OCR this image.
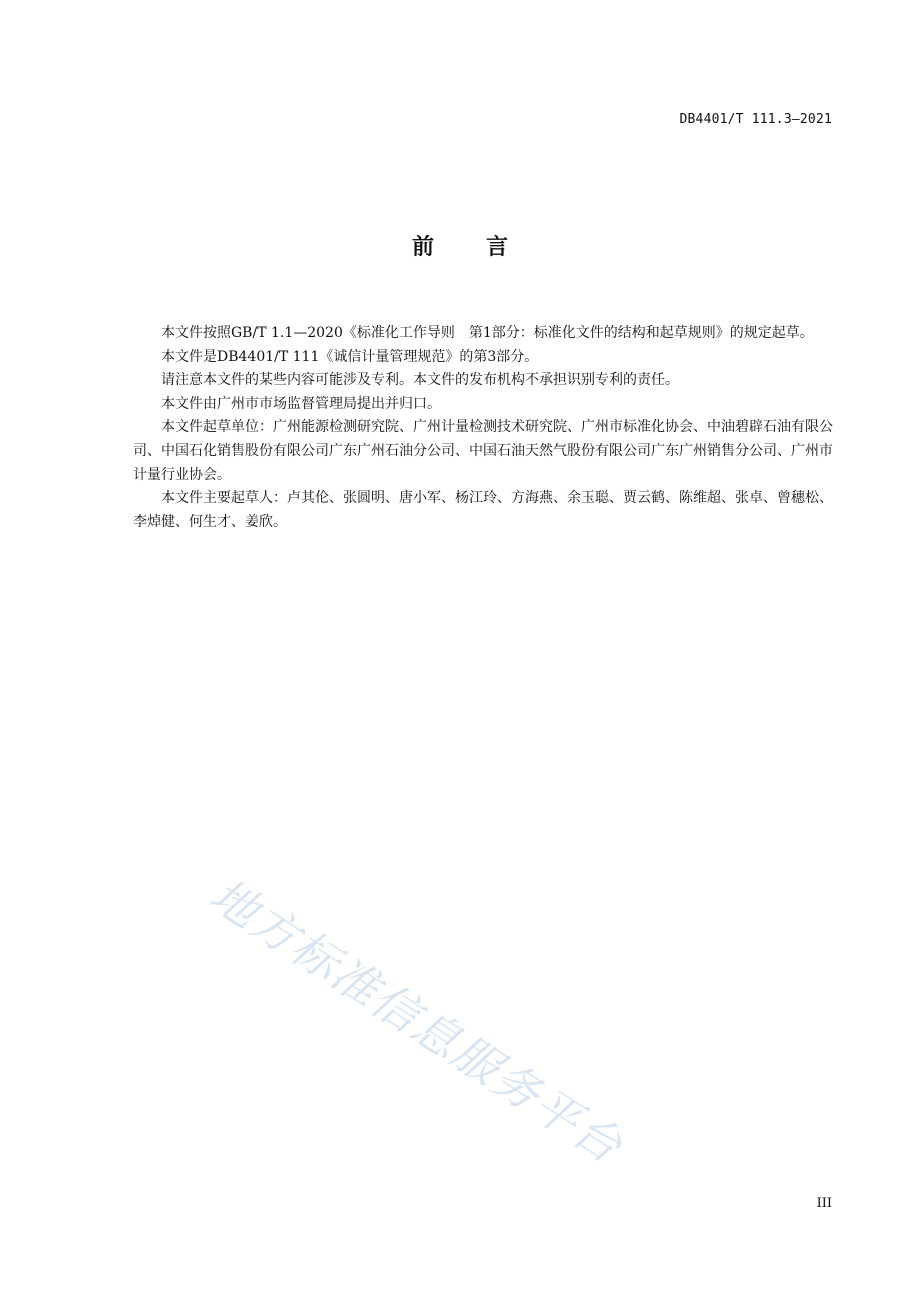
DB4401/T 111.3—2021
前言

本文件按照GB/T 1.1—2020《标准化工作导则　第1部分：标准化文件的结构和起草规则》的规定起草。

本文件是DB4401/T 111《诚信计量管理规范》的第3部分。

请注意本文件的某些内容可能涉及专利。本文件的发布机构不承担识别专利的责任。

本文件由广州市市场监督管理局提出并归口。

本文件起草单位：广州能源检测研究院、广州计量检测技术研究院、广州市标准化协会、中油碧辟石油有限公司、中国石化销售股份有限公司广东广州石油分公司、中国石油天然气股份有限公司广东广州销售分公司、广州市计量行业协会。

本文件主要起草人：卢其伦、张圆明、唐小军、杨江玲、方海燕、余玉聪、贾云鹤、陈维超、张卓、曾穗松、李焯健、何生才、姜欣。

地方标准信息服务平台
III
